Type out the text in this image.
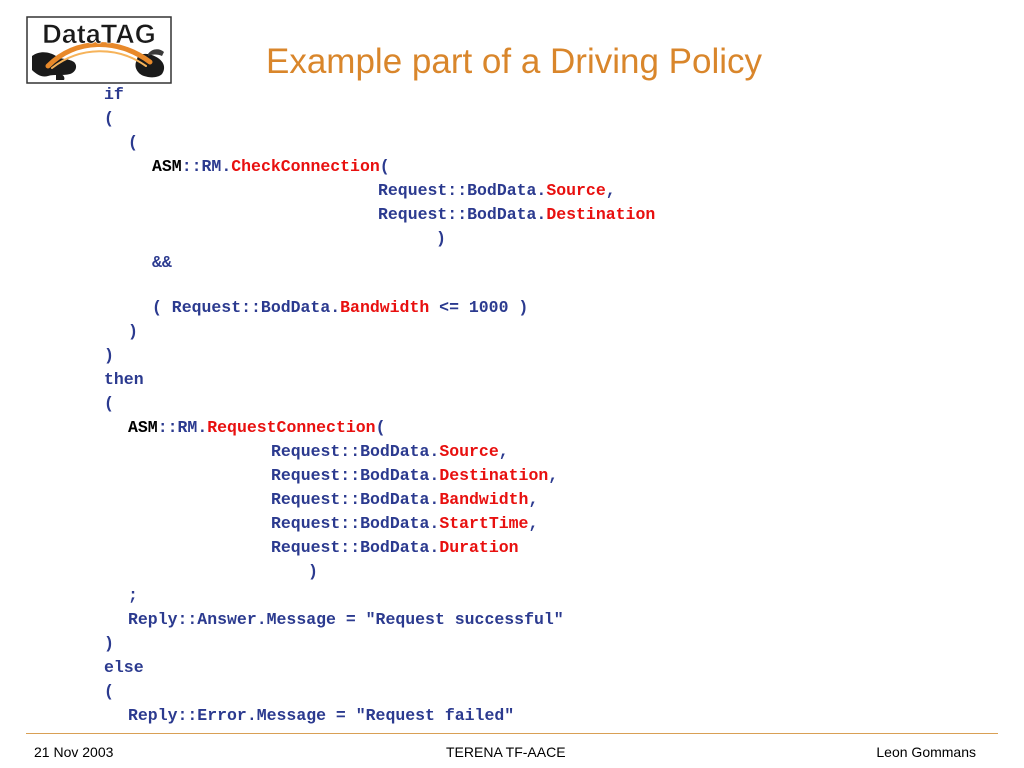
DataTAG
Example part of a Driving Policy
if
(
(
ASM::RM.CheckConnection(
Request::BodData.Source,
Request::BodData.Destination
)
&&
( Request::BodData.Bandwidth <= 1000 )
)
)
then
(
ASM::RM.RequestConnection(
Request::BodData.Source,
Request::BodData.Destination,
Request::BodData.Bandwidth,
Request::BodData.StartTime,
Request::BodData.Duration
)
;
Reply::Answer.Message = "Request successful"
)
else
(
Reply::Error.Message = "Request failed"
21 Nov 2003	TERENA TF-AACE	Leon Gommans
